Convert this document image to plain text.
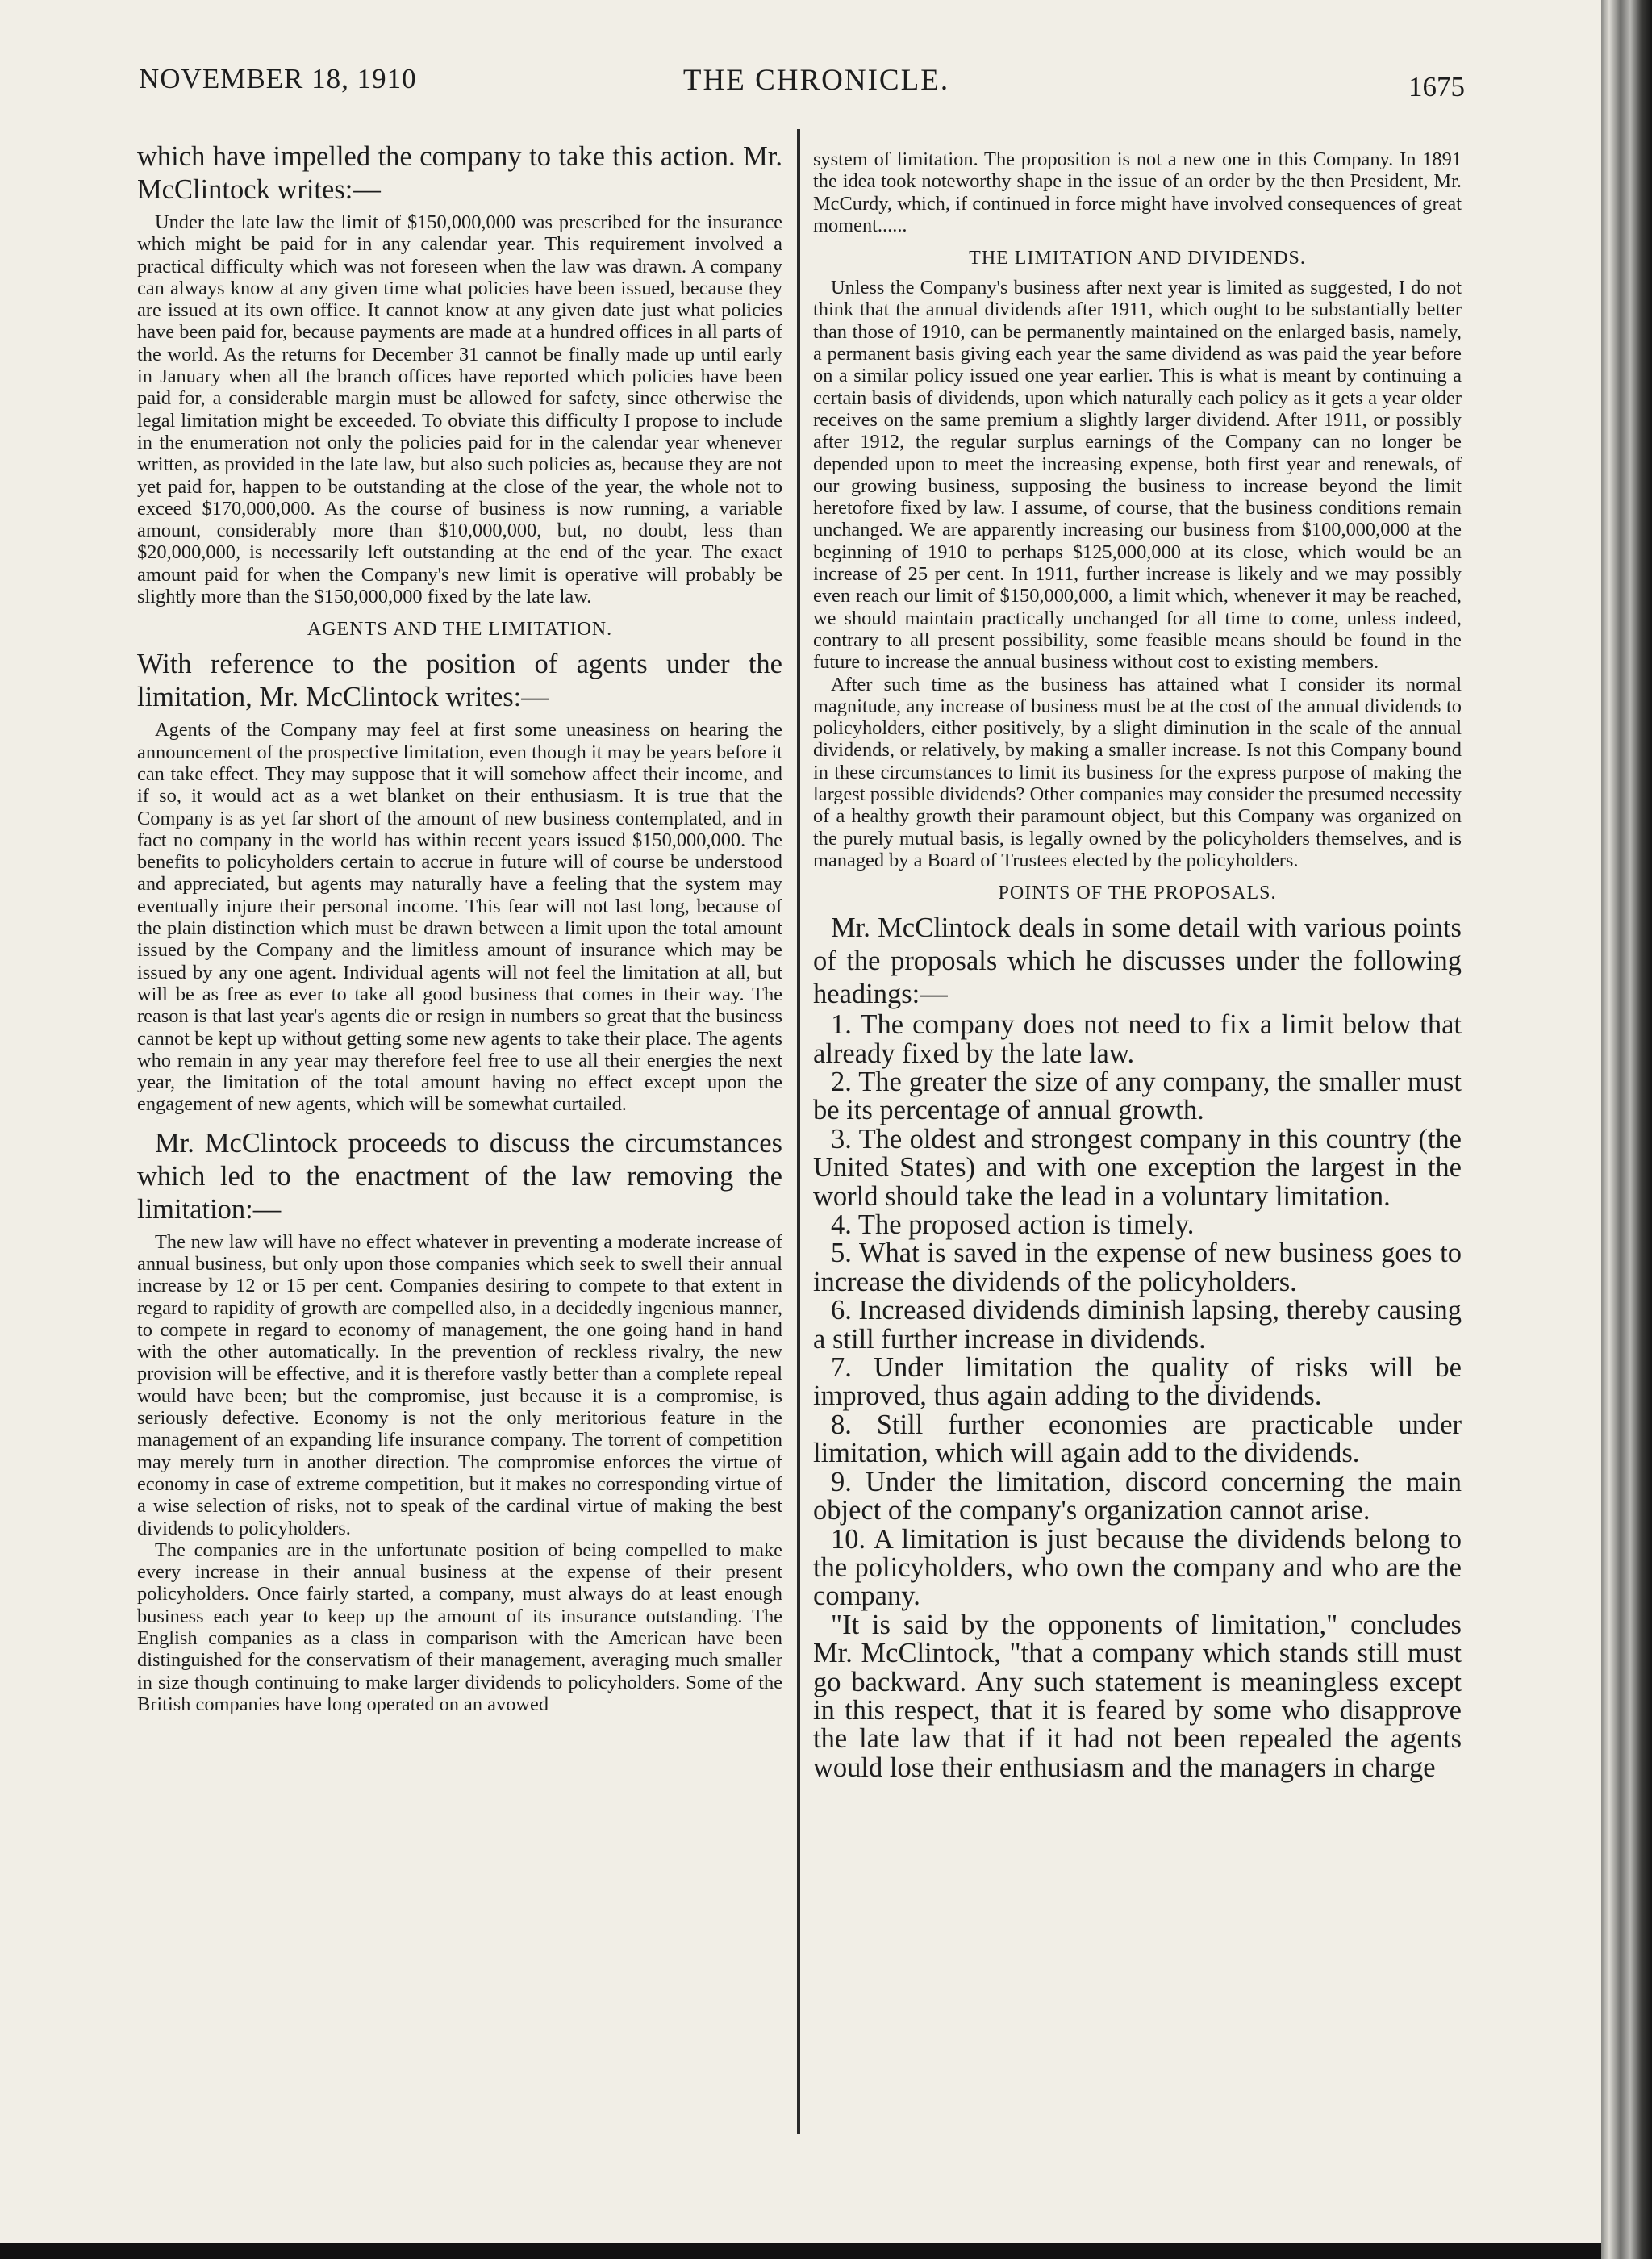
NOVEMBER 18, 1910	THE CHRONICLE.	1675

which have impelled the company to take this action. Mr. McClintock writes:—

Under the late law the limit of $150,000,000 was prescribed for the insurance which might be paid for in any calendar year. This requirement involved a practical difficulty which was not foreseen when the law was drawn. A company can always know at any given time what policies have been issued, because they are issued at its own office. It cannot know at any given date just what policies have been paid for, because payments are made at a hundred offices in all parts of the world. As the returns for December 31 cannot be finally made up until early in January when all the branch offices have reported which policies have been paid for, a considerable margin must be allowed for safety, since otherwise the legal limitation might be exceeded. To obviate this difficulty I propose to include in the enumeration not only the policies paid for in the calendar year whenever written, as provided in the late law, but also such policies as, because they are not yet paid for, happen to be outstanding at the close of the year, the whole not to exceed $170,000,000. As the course of business is now running, a variable amount, considerably more than $10,000,000, but, no doubt, less than $20,000,000, is necessarily left outstanding at the end of the year. The exact amount paid for when the Company's new limit is operative will probably be slightly more than the $150,000,000 fixed by the late law.

AGENTS AND THE LIMITATION.

With reference to the position of agents under the limitation, Mr. McClintock writes:—

Agents of the Company may feel at first some uneasiness on hearing the announcement of the prospective limitation, even though it may be years before it can take effect. They may suppose that it will somehow affect their income, and if so, it would act as a wet blanket on their enthusiasm. It is true that the Company is as yet far short of the amount of new business contemplated, and in fact no company in the world has within recent years issued $150,000,000. The benefits to policyholders certain to accrue in future will of course be understood and appreciated, but agents may naturally have a feeling that the system may eventually injure their personal income. This fear will not last long, because of the plain distinction which must be drawn between a limit upon the total amount issued by the Company and the limitless amount of insurance which may be issued by any one agent. Individual agents will not feel the limitation at all, but will be as free as ever to take all good business that comes in their way. The reason is that last year's agents die or resign in numbers so great that the business cannot be kept up without getting some new agents to take their place. The agents who remain in any year may therefore feel free to use all their energies the next year, the limitation of the total amount having no effect except upon the engagement of new agents, which will be somewhat curtailed.

Mr. McClintock proceeds to discuss the circumstances which led to the enactment of the law removing the limitation:—

The new law will have no effect whatever in preventing a moderate increase of annual business, but only upon those companies which seek to swell their annual increase by 12 or 15 per cent. Companies desiring to compete to that extent in regard to rapidity of growth are compelled also, in a decidedly ingenious manner, to compete in regard to economy of management, the one going hand in hand with the other automatically. In the prevention of reckless rivalry, the new provision will be effective, and it is therefore vastly better than a complete repeal would have been; but the compromise, just because it is a compromise, is seriously defective. Economy is not the only meritorious feature in the management of an expanding life insurance company. The torrent of competition may merely turn in another direction. The compromise enforces the virtue of economy in case of extreme competition, but it makes no corresponding virtue of a wise selection of risks, not to speak of the cardinal virtue of making the best dividends to policyholders.

The companies are in the unfortunate position of being compelled to make every increase in their annual business at the expense of their present policyholders. Once fairly started, a company, must always do at least enough business each year to keep up the amount of its insurance outstanding. The English companies as a class in comparison with the American have been distinguished for the conservatism of their management, averaging much smaller in size though continuing to make larger dividends to policyholders. Some of the British companies have long operated on an avowed

system of limitation. The proposition is not a new one in this Company. In 1891 the idea took noteworthy shape in the issue of an order by the then President, Mr. McCurdy, which, if continued in force might have involved consequences of great moment......

THE LIMITATION AND DIVIDENDS.

Unless the Company's business after next year is limited as suggested, I do not think that the annual dividends after 1911, which ought to be substantially better than those of 1910, can be permanently maintained on the enlarged basis, namely, a permanent basis giving each year the same dividend as was paid the year before on a similar policy issued one year earlier. This is what is meant by continuing a certain basis of dividends, upon which naturally each policy as it gets a year older receives on the same premium a slightly larger dividend. After 1911, or possibly after 1912, the regular surplus earnings of the Company can no longer be depended upon to meet the increasing expense, both first year and renewals, of our growing business, supposing the business to increase beyond the limit heretofore fixed by law. I assume, of course, that the business conditions remain unchanged. We are apparently increasing our business from $100,000,000 at the beginning of 1910 to perhaps $125,000,000 at its close, which would be an increase of 25 per cent. In 1911, further increase is likely and we may possibly even reach our limit of $150,000,000, a limit which, whenever it may be reached, we should maintain practically unchanged for all time to come, unless indeed, contrary to all present possibility, some feasible means should be found in the future to increase the annual business without cost to existing members.

After such time as the business has attained what I consider its normal magnitude, any increase of business must be at the cost of the annual dividends to policyholders, either positively, by a slight diminution in the scale of the annual dividends, or relatively, by making a smaller increase. Is not this Company bound in these circumstances to limit its business for the express purpose of making the largest possible dividends? Other companies may consider the presumed necessity of a healthy growth their paramount object, but this Company was organized on the purely mutual basis, is legally owned by the policyholders themselves, and is managed by a Board of Trustees elected by the policyholders.

POINTS OF THE PROPOSALS.

Mr. McClintock deals in some detail with various points of the proposals which he discusses under the following headings:—

1. The company does not need to fix a limit below that already fixed by the late law.

2. The greater the size of any company, the smaller must be its percentage of annual growth.

3. The oldest and strongest company in this country (the United States) and with one exception the largest in the world should take the lead in a voluntary limitation.

4. The proposed action is timely.

5. What is saved in the expense of new business goes to increase the dividends of the policyholders.

6. Increased dividends diminish lapsing, thereby causing a still further increase in dividends.

7. Under limitation the quality of risks will be improved, thus again adding to the dividends.

8. Still further economies are practicable under limitation, which will again add to the dividends.

9. Under the limitation, discord concerning the main object of the company's organization cannot arise.

10. A limitation is just because the dividends belong to the policyholders, who own the company and who are the company.

"It is said by the opponents of limitation," concludes Mr. McClintock, "that a company which stands still must go backward. Any such statement is meaningless except in this respect, that it is feared by some who disapprove the late law that if it had not been repealed the agents would lose their enthusiasm and the managers in charge
